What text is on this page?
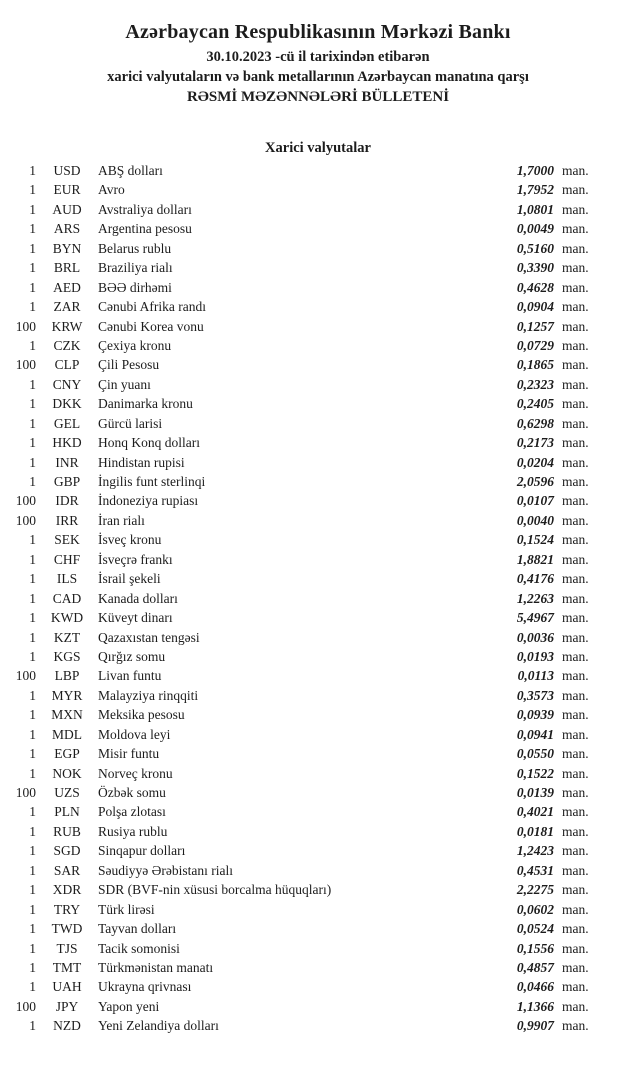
Azərbaycan Respublikasının Mərkəzi Bankı
30.10.2023 -cü il tarixindən etibarən
xarici valyutaların və bank metallarının Azərbaycan manatına qarşı
RƏSMİ MƏZƏNNƏLƏRİ BÜLLETENİ
Xarici valyutalar
1	USD	ABŞ dolları	1,7000 man.
1	EUR	Avro	1,7952 man.
1	AUD	Avstraliya dolları	1,0801 man.
1	ARS	Argentina pesosu	0,0049 man.
1	BYN	Belarus rublu	0,5160 man.
1	BRL	Braziliya rialı	0,3390 man.
1	AED	BƏƏ dirhəmi	0,4628 man.
1	ZAR	Cənubi Afrika randı	0,0904 man.
100	KRW	Cənubi Korea vonu	0,1257 man.
1	CZK	Çexiya kronu	0,0729 man.
100	CLP	Çili Pesosu	0,1865 man.
1	CNY	Çin yuanı	0,2323 man.
1	DKK	Danimarka kronu	0,2405 man.
1	GEL	Gürcü larisi	0,6298 man.
1	HKD	Honq Konq dolları	0,2173 man.
1	INR	Hindistan rupisi	0,0204 man.
1	GBP	İngilis funt sterlinqi	2,0596 man.
100	IDR	İndoneziya rupiası	0,0107 man.
100	IRR	İran rialı	0,0040 man.
1	SEK	İsveç kronu	0,1524 man.
1	CHF	İsveçrə frankı	1,8821 man.
1	ILS	İsrail şekeli	0,4176 man.
1	CAD	Kanada dolları	1,2263 man.
1	KWD	Küveyt dinarı	5,4967 man.
1	KZT	Qazaxıstan tengəsi	0,0036 man.
1	KGS	Qırğız somu	0,0193 man.
100	LBP	Livan funtu	0,0113 man.
1	MYR	Malayziya rinqqiti	0,3573 man.
1	MXN	Meksika pesosu	0,0939 man.
1	MDL	Moldova leyi	0,0941 man.
1	EGP	Misir funtu	0,0550 man.
1	NOK	Norveç kronu	0,1522 man.
100	UZS	Özbək somu	0,0139 man.
1	PLN	Polşa zlotası	0,4021 man.
1	RUB	Rusiya rublu	0,0181 man.
1	SGD	Sinqapur dolları	1,2423 man.
1	SAR	Səudiyyə Ərəbistanı rialı	0,4531 man.
1	XDR	SDR (BVF-nin xüsusi borcalma hüquqları)	2,2275 man.
1	TRY	Türk lirəsi	0,0602 man.
1	TWD	Tayvan dolları	0,0524 man.
1	TJS	Tacik somonisi	0,1556 man.
1	TMT	Türkmənistan manatı	0,4857 man.
1	UAH	Ukrayna qrivnası	0,0466 man.
100	JPY	Yapon yeni	1,1366 man.
1	NZD	Yeni Zelandiya dolları	0,9907 man.
